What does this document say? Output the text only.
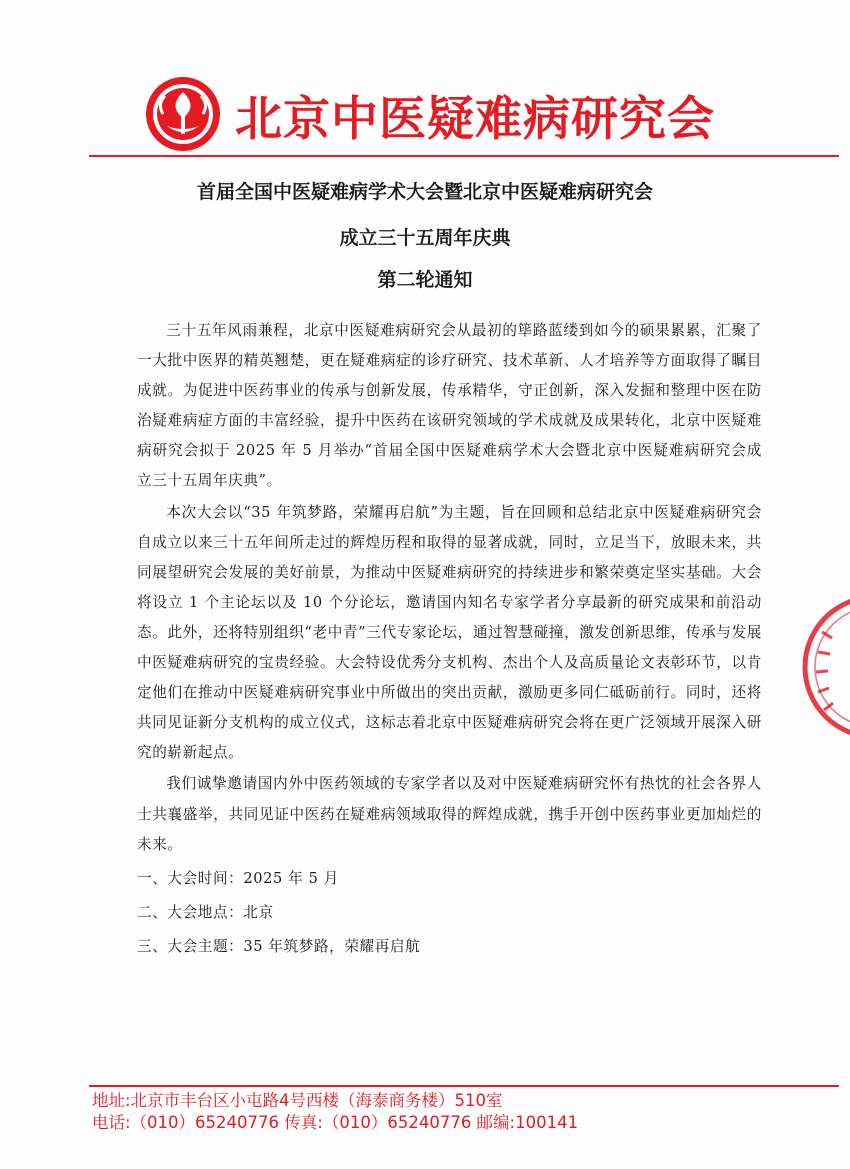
北京中医疑难病研究会
首届全国中医疑难病学术大会暨北京中医疑难病研究会
成立三十五周年庆典
第二轮通知

三十五年风雨兼程，北京中医疑难病研究会从最初的筚路蓝缕到如今的硕果累累，汇聚了一大批中医界的精英翘楚，更在疑难病症的诊疗研究、技术革新、人才培养等方面取得了瞩目成就。为促进中医药事业的传承与创新发展，传承精华，守正创新，深入发掘和整理中医在防治疑难病症方面的丰富经验，提升中医药在该研究领域的学术成就及成果转化，北京中医疑难病研究会拟于 2025 年 5 月举办“首届全国中医疑难病学术大会暨北京中医疑难病研究会成立三十五周年庆典”。

本次大会以“35 年筑梦路，荣耀再启航”为主题，旨在回顾和总结北京中医疑难病研究会自成立以来三十五年间所走过的辉煌历程和取得的显著成就，同时，立足当下，放眼未来，共同展望研究会发展的美好前景，为推动中医疑难病研究的持续进步和繁荣奠定坚实基础。大会将设立 1 个主论坛以及 10 个分论坛，邀请国内知名专家学者分享最新的研究成果和前沿动态。此外，还将特别组织“老中青”三代专家论坛，通过智慧碰撞，激发创新思维，传承与发展中医疑难病研究的宝贵经验。大会特设优秀分支机构、杰出个人及高质量论文表彰环节，以肯定他们在推动中医疑难病研究事业中所做出的突出贡献，激励更多同仁砥砺前行。同时，还将共同见证新分支机构的成立仪式，这标志着北京中医疑难病研究会将在更广泛领域开展深入研究的崭新起点。

我们诚挚邀请国内外中医药领域的专家学者以及对中医疑难病研究怀有热忱的社会各界人士共襄盛举，共同见证中医药在疑难病领域取得的辉煌成就，携手开创中医药事业更加灿烂的未来。

一、大会时间：2025 年 5 月

二、大会地点：北京

三、大会主题：35 年筑梦路，荣耀再启航

地址:北京市丰台区小屯路4号西楼（海泰商务楼）510室
电话:（010）65240776 传真:（010）65240776 邮编:100141
